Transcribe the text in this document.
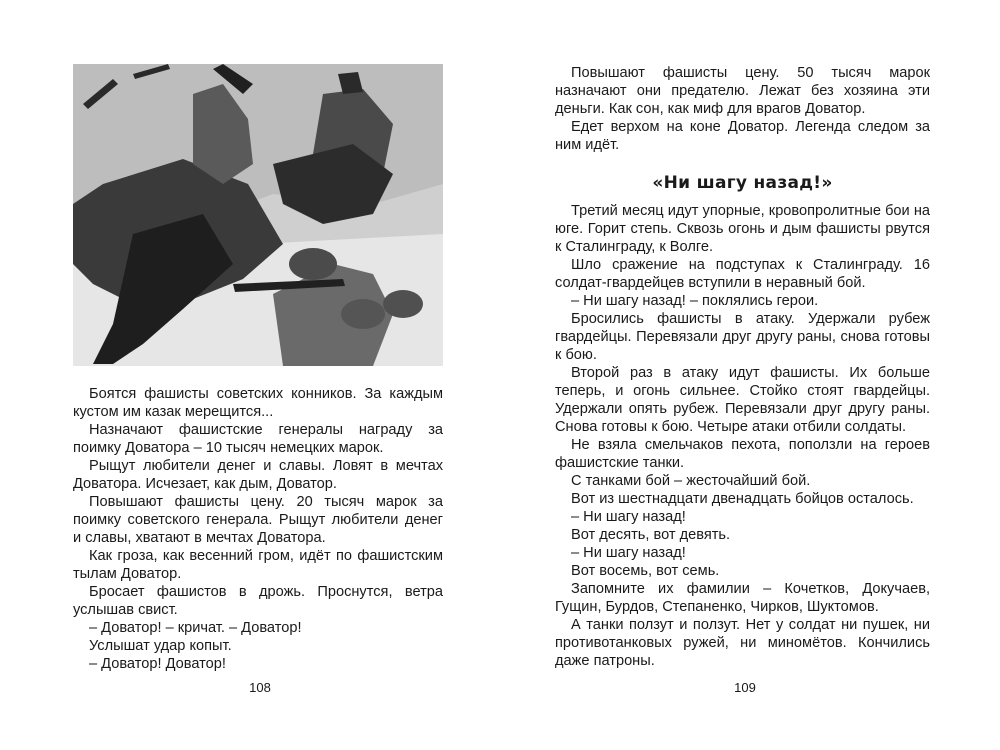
Боятся фашисты советских конников. За каждым кустом им казак мерещится...

Назначают фашистские генералы награду за поимку Доватора – 10 тысяч немецких марок.

Рыщут любители денег и славы. Ловят в мечтах Доватора. Исчезает, как дым, Доватор.

Повышают фашисты цену. 20 тысяч марок за поимку советского генерала. Рыщут любители денег и славы, хватают в мечтах Доватора.

Как гроза, как весенний гром, идёт по фашистским тылам Доватор.

Бросает фашистов в дрожь. Проснутся, ветра услышав свист.

– Доватор! – кричат. – Доватор!

Услышат удар копыт.

– Доватор! Доватор!

108

Повышают фашисты цену. 50 тысяч марок назначают они предателю. Лежат без хозяина эти деньги. Как сон, как миф для врагов Доватор.

Едет верхом на коне Доватор. Легенда следом за ним идёт.

«Ни шагу назад!»

Третий месяц идут упорные, кровопролитные бои на юге. Горит степь. Сквозь огонь и дым фашисты рвутся к Сталинграду, к Волге.

Шло сражение на подступах к Сталинграду. 16 солдат-гвардейцев вступили в неравный бой.

– Ни шагу назад! – поклялись герои.

Бросились фашисты в атаку. Удержали рубеж гвардейцы. Перевязали друг другу раны, снова готовы к бою.

Второй раз в атаку идут фашисты. Их больше теперь, и огонь сильнее. Стойко стоят гвардейцы. Удержали опять рубеж. Перевязали друг другу раны. Снова готовы к бою. Четыре атаки отбили солдаты.

Не взяла смельчаков пехота, поползли на героев фашистские танки.

С танками бой – жесточайший бой.

Вот из шестнадцати двенадцать бойцов осталось.

– Ни шагу назад!

Вот десять, вот девять.

– Ни шагу назад!

Вот восемь, вот семь.

Запомните их фамилии – Кочетков, Докучаев, Гущин, Бурдов, Степаненко, Чирков, Шуктомов.

А танки ползут и ползут. Нет у солдат ни пушек, ни противотанковых ружей, ни миномётов. Кончились даже патроны.

109
